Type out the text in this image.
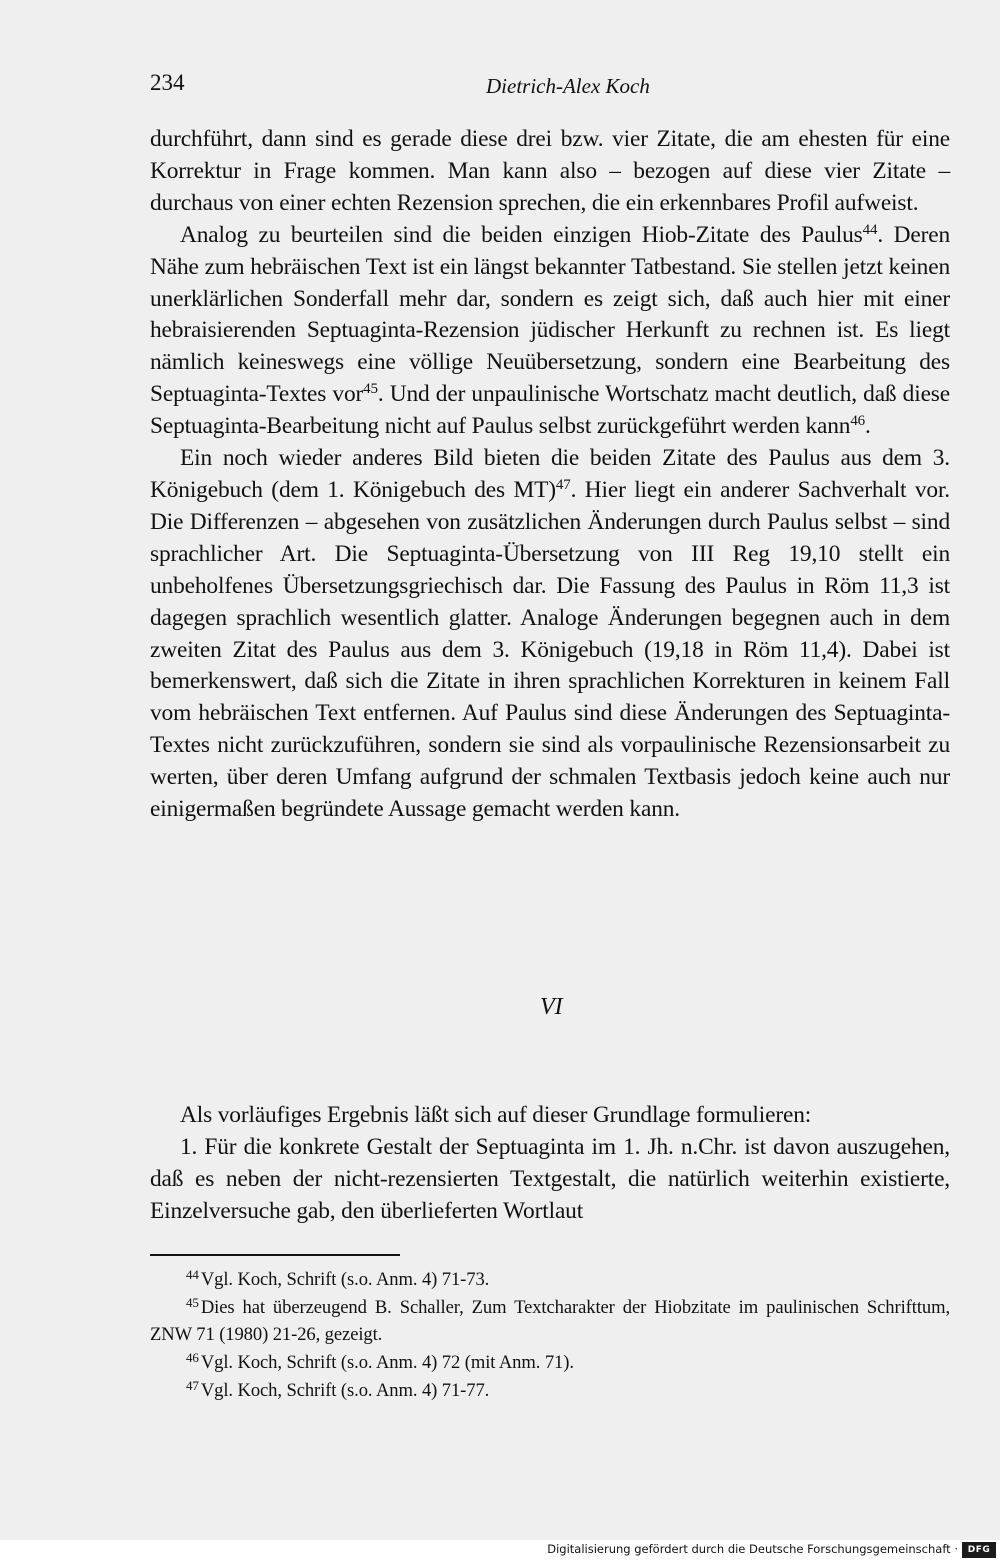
234	Dietrich-Alex Koch

durchführt, dann sind es gerade diese drei bzw. vier Zitate, die am ehesten für eine Korrektur in Frage kommen. Man kann also – bezogen auf diese vier Zitate – durchaus von einer echten Rezension sprechen, die ein erkennbares Profil aufweist.

Analog zu beurteilen sind die beiden einzigen Hiob-Zitate des Paulus$^{44}$. Deren Nähe zum hebräischen Text ist ein längst bekannter Tatbestand. Sie stellen jetzt keinen unerklärlichen Sonderfall mehr dar, sondern es zeigt sich, daß auch hier mit einer hebraisierenden Septuaginta-Rezension jüdischer Herkunft zu rechnen ist. Es liegt nämlich keineswegs eine völlige Neuübersetzung, sondern eine Bearbeitung des Septuaginta-Textes vor$^{45}$. Und der unpaulinische Wortschatz macht deutlich, daß diese Septuaginta-Bearbeitung nicht auf Paulus selbst zurückgeführt werden kann$^{46}$.

Ein noch wieder anderes Bild bieten die beiden Zitate des Paulus aus dem 3. Königebuch (dem 1. Königebuch des MT)$^{47}$. Hier liegt ein anderer Sachverhalt vor. Die Differenzen – abgesehen von zusätzlichen Änderungen durch Paulus selbst – sind sprachlicher Art. Die Septuaginta-Übersetzung von III Reg 19,10 stellt ein unbeholfenes Übersetzungsgriechisch dar. Die Fassung des Paulus in Röm 11,3 ist dagegen sprachlich wesentlich glatter. Analoge Änderungen begegnen auch in dem zweiten Zitat des Paulus aus dem 3. Königebuch (19,18 in Röm 11,4). Dabei ist bemerkenswert, daß sich die Zitate in ihren sprachlichen Korrekturen in keinem Fall vom hebräischen Text entfernen. Auf Paulus sind diese Änderungen des Septuaginta-Textes nicht zurückzuführen, sondern sie sind als vorpaulinische Rezensionsarbeit zu werten, über deren Umfang aufgrund der schmalen Textbasis jedoch keine auch nur einigermaßen begründete Aussage gemacht werden kann.

VI

Als vorläufiges Ergebnis läßt sich auf dieser Grundlage formulieren:

1. Für die konkrete Gestalt der Septuaginta im 1. Jh. n.Chr. ist davon auszugehen, daß es neben der nicht-rezensierten Textgestalt, die natürlich weiterhin existierte, Einzelversuche gab, den überlieferten Wortlaut

$^{44}$ Vgl. Koch, Schrift (s.o. Anm. 4) 71-73.

$^{45}$ Dies hat überzeugend B. Schaller, Zum Textcharakter der Hiobzitate im paulinischen Schrifttum, ZNW 71 (1980) 21-26, gezeigt.

$^{46}$ Vgl. Koch, Schrift (s.o. Anm. 4) 72 (mit Anm. 71).

$^{47}$ Vgl. Koch, Schrift (s.o. Anm. 4) 71-77.

Digitalisierung gefördert durch die Deutsche Forschungsgemeinschaft ·	DFG
